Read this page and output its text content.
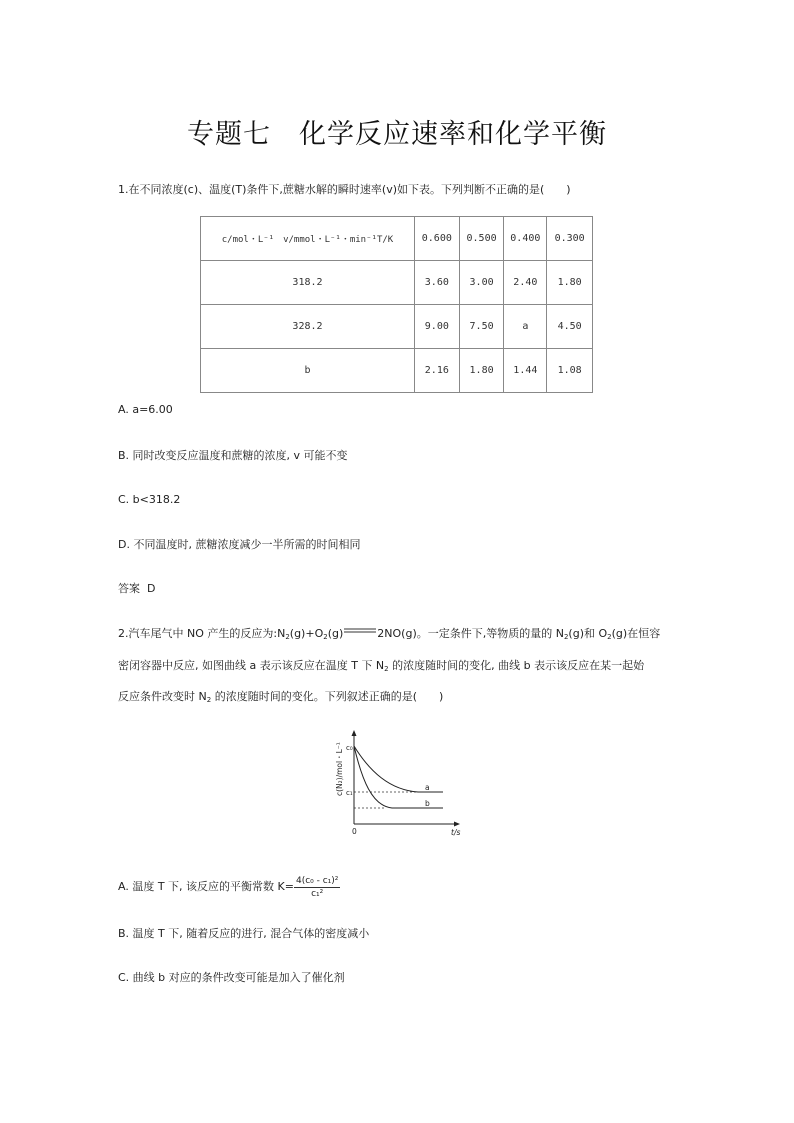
专题七　化学反应速率和化学平衡
1.在不同浓度(c)、温度(T)条件下,蔗糖水解的瞬时速率(v)如下表。下列判断不正确的是(　　)
c/mol・L⁻¹　v/mmol・L⁻¹・min⁻¹T/K	0.600	0.500	0.400	0.300
318.2	3.60	3.00	2.40	1.80
328.2	9.00	7.50	a	4.50
b	2.16	1.80	1.44	1.08
A. a=6.00
B. 同时改变反应温度和蔗糖的浓度, v 可能不变
C. b<318.2
D. 不同温度时, 蔗糖浓度减少一半所需的时间相同
答案 D
2.汽车尾气中 NO 产生的反应为$:N_2(g)+O_2(g)$	2NO(g)。一定条件下,等物质的量的 $N_2(g)$和 $O_2(g)$在恒容
密闭容器中反应, 如图曲线 a 表示该反应在温度 T 下 $N_2$ 的浓度随时间的变化, 曲线 b 表示该反应在某一起始
反应条件改变时 $N_2$ 的浓度随时间的变化。下列叙述正确的是(　　)
c(N₂)/mol・L⁻¹ c₀
c₁
0	t/s
a
b
A. 温度 T 下, 该反应的平衡常数 $K= \frac{\text{4(c₀ - c₁)²}}{\text{c₁²}}$
B. 温度 T 下, 随着反应的进行, 混合气体的密度减小
C. 曲线 b 对应的条件改变可能是加入了催化剂
